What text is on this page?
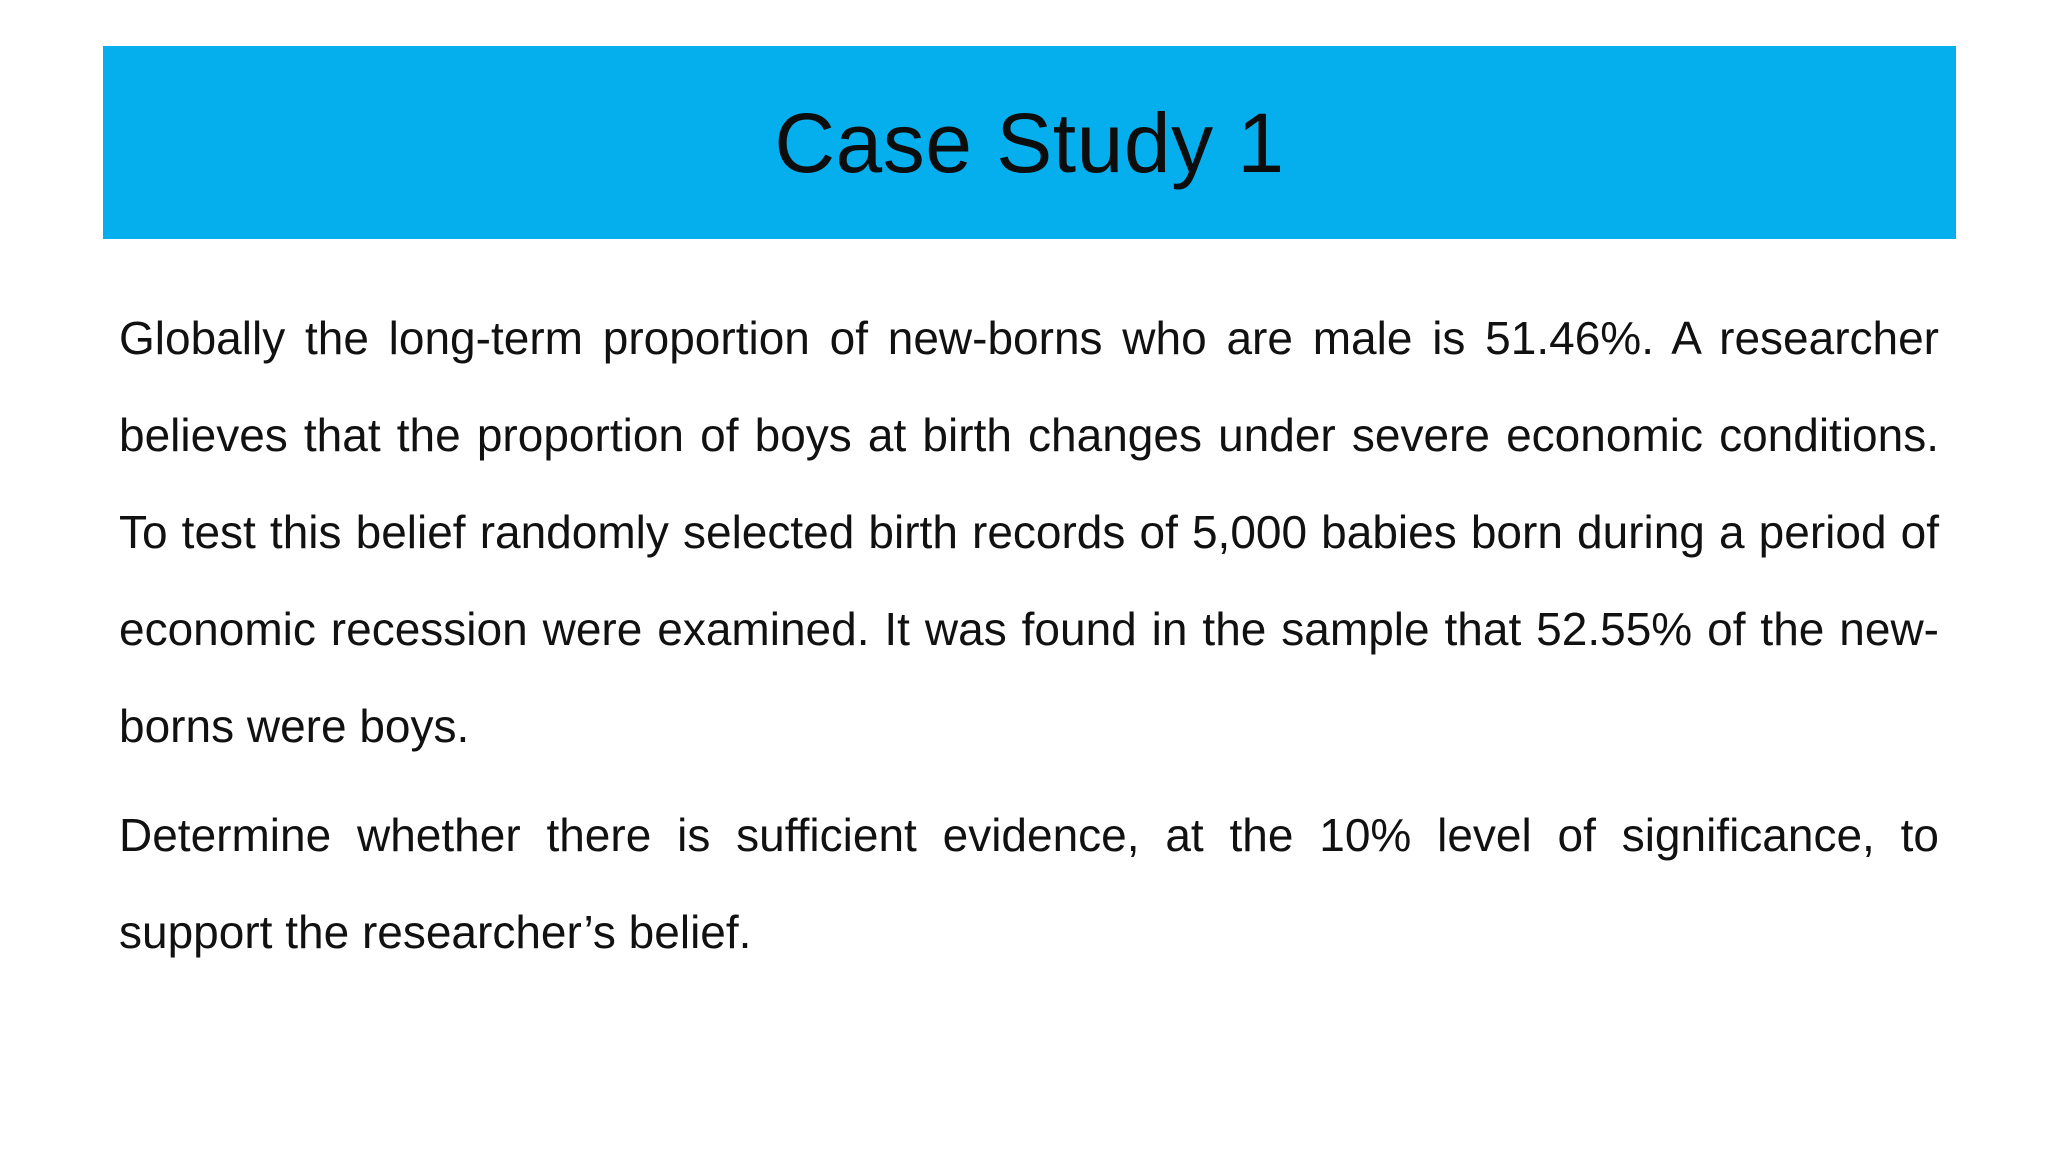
Case Study 1

Globally the long-term proportion of new-borns who are male is 51.46%. A researcher believes that the proportion of boys at birth changes under severe economic conditions. To test this belief randomly selected birth records of 5,000 babies born during a period of economic recession were examined. It was found in the sample that 52.55% of the new-borns were boys.

Determine whether there is sufficient evidence, at the 10% level of significance, to support the researcher’s belief.
